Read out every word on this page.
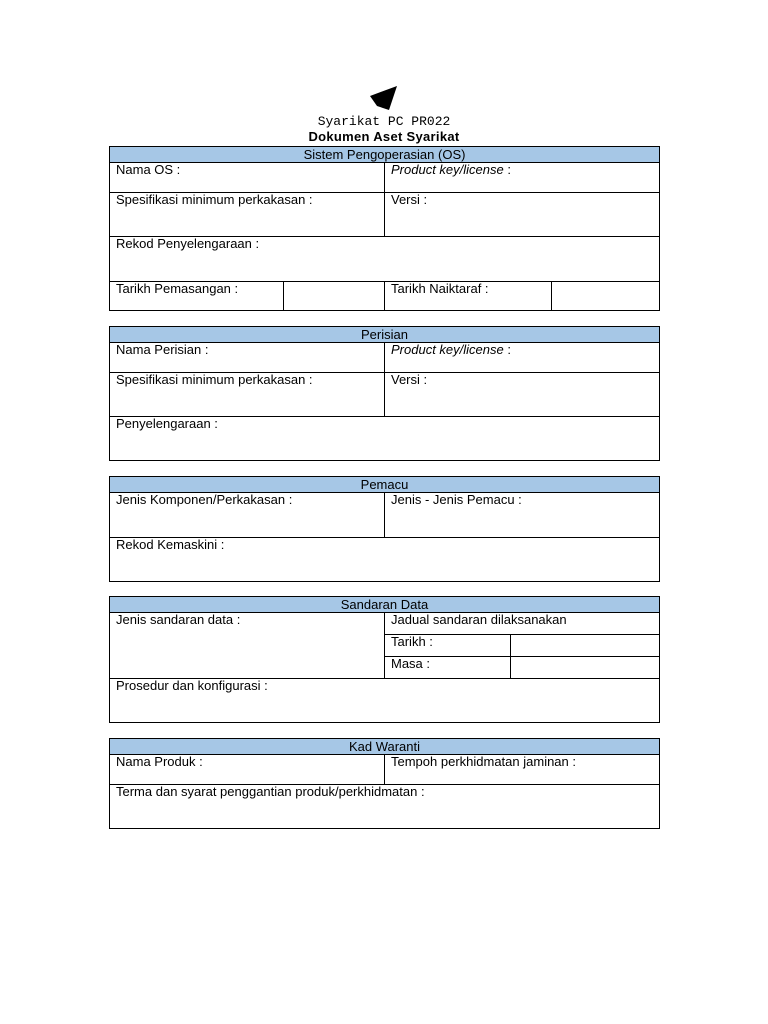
Syarikat PC PR022
Dokumen Aset Syarikat
Sistem Pengoperasian (OS)			
Nama OS :		Product key/license :	
Spesifikasi minimum perkakasan :		Versi :	
Rekod Penyelengaraan :			
Tarikh Pemasangan :		Tarikh Naiktaraf :	
Perisian	
Nama Perisian :	Product key/license :
Spesifikasi minimum perkakasan :	Versi :
Penyelengaraan :	
Pemacu
Jenis Komponen/Perkakasan :	Jenis - Jenis Pemacu :
Rekod Kemaskini :
Sandaran Data		
Jenis sandaran data :	Jadual sandaran dilaksanakan	
	Tarikh :	
	Masa :	
Prosedur dan konfigurasi :		
Kad Waranti
Nama Produk :	Tempoh perkhidmatan jaminan :
Terma dan syarat penggantian produk/perkhidmatan :
